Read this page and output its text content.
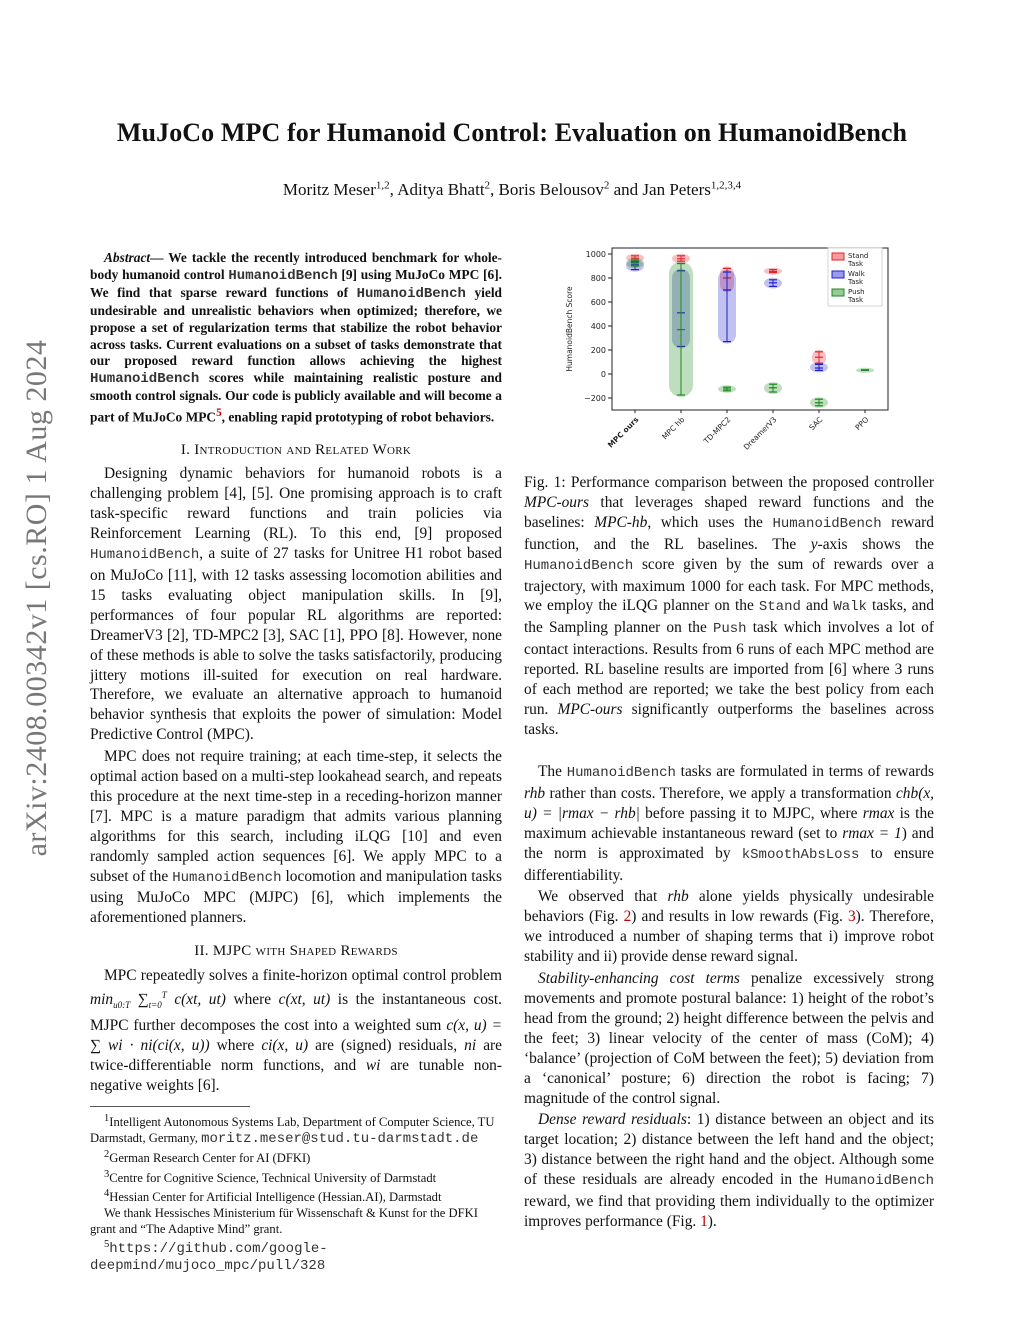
MuJoCo MPC for Humanoid Control: Evaluation on HumanoidBench
Moritz Meser$^{1,2}$, Aditya Bhatt$^2$, Boris Belousov$^2$ and Jan Peters$^{1,2,3,4}$
arXiv:2408.00342v1 [cs.RO] 1 Aug 2024

Abstract— We tackle the recently introduced benchmark for whole-body humanoid control HumanoidBench [9] using MuJoCo MPC [6]. We find that sparse reward functions of HumanoidBench yield undesirable and unrealistic behaviors when optimized; therefore, we propose a set of regularization terms that stabilize the robot behavior across tasks. Current evaluations on a subset of tasks demonstrate that our proposed reward function allows achieving the highest HumanoidBench scores while maintaining realistic posture and smooth control signals. Our code is publicly available and will become a part of MuJoCo MPC$^5$, enabling rapid prototyping of robot behaviors.

I. Introduction and Related Work

Designing dynamic behaviors for humanoid robots is a challenging problem [4], [5]. One promising approach is to craft task-specific reward functions and train policies via Reinforcement Learning (RL). To this end, [9] proposed HumanoidBench, a suite of 27 tasks for Unitree H1 robot based on MuJoCo [11], with 12 tasks assessing locomotion abilities and 15 tasks evaluating object manipulation skills. In [9], performances of four popular RL algorithms are reported: DreamerV3 [2], TD-MPC2 [3], SAC [1], PPO [8]. However, none of these methods is able to solve the tasks satisfactorily, producing jittery motions ill-suited for execution on real hardware. Therefore, we evaluate an alternative approach to humanoid behavior synthesis that exploits the power of simulation: Model Predictive Control (MPC).

MPC does not require training; at each time-step, it selects the optimal action based on a multi-step lookahead search, and repeats this procedure at the next time-step in a receding-horizon manner [7]. MPC is a mature paradigm that admits various planning algorithms for this search, including iLQG [10] and even randomly sampled action sequences [6]. We apply MPC to a subset of the HumanoidBench locomotion and manipulation tasks using MuJoCo MPC (MJPC) [6], which implements the aforementioned planners.

II. MJPC with Shaped Rewards

MPC repeatedly solves a finite-horizon optimal control problem $\min_{u0:T} \sum_{t=0}^T$ c(xt, ut) where c(xt, ut) is the instantaneous cost. MJPC further decomposes the cost into a weighted sum c(x, u) = ∑ wi · ni(ci(x, u)) where ci(x, u) are (signed) residuals, ni are twice-differentiable norm functions, and wi are tunable non-negative weights [6].

$^1$Intelligent Autonomous Systems Lab, Department of Computer Science, TU Darmstadt, Germany, moritz.meser@stud.tu-darmstadt.de

$^2$German Research Center for AI (DFKI)

$^3$Centre for Cognitive Science, Technical University of Darmstadt

$^4$Hessian Center for Artificial Intelligence (Hessian.AI), Darmstadt

We thank Hessisches Ministerium für Wissenschaft & Kunst for the DFKI grant and “The Adaptive Mind” grant.

$^5$https://github.com/google-deepmind/mujoco_mpc/pull/328

−200
0
200
400
600
800
1000
HumanoidBench Score
MPC ours	MPC hb TD-MPC2 DreamerV3	SAC	PPO
Stand
Task
Walk
Task
Push
Task
Fig. 1: Performance comparison between the proposed controller MPC-ours that leverages shaped reward functions and the baselines: MPC-hb, which uses the HumanoidBench reward function, and the RL baselines. The y-axis shows the HumanoidBench score given by the sum of rewards over a trajectory, with maximum 1000 for each task. For MPC methods, we employ the iLQG planner on the Stand and Walk tasks, and the Sampling planner on the Push task which involves a lot of contact interactions. Results from 6 runs of each MPC method are reported. RL baseline results are imported from [6] where 3 runs of each method are reported; we take the best policy from each run. MPC-ours significantly outperforms the baselines across tasks.

The HumanoidBench tasks are formulated in terms of rewards rhb rather than costs. Therefore, we apply a transformation chb(x, u) = |rmax − rhb| before passing it to MJPC, where rmax is the maximum achievable instantaneous reward (set to rmax = 1) and the norm is approximated by kSmoothAbsLoss to ensure differentiability.

We observed that rhb alone yields physically undesirable behaviors (Fig. 2) and results in low rewards (Fig. 3). Therefore, we introduced a number of shaping terms that i) improve robot stability and ii) provide dense reward signal.

Stability-enhancing cost terms penalize excessively strong movements and promote postural balance: 1) height of the robot’s head from the ground; 2) height difference between the pelvis and the feet; 3) linear velocity of the center of mass (CoM); 4) ‘balance’ (projection of CoM between the feet); 5) deviation from a ‘canonical’ posture; 6) direction the robot is facing; 7) magnitude of the control signal.

Dense reward residuals: 1) distance between an object and its target location; 2) distance between the left hand and the object; 3) distance between the right hand and the object. Although some of these residuals are already encoded in the HumanoidBench reward, we find that providing them individually to the optimizer improves performance (Fig. 1).
